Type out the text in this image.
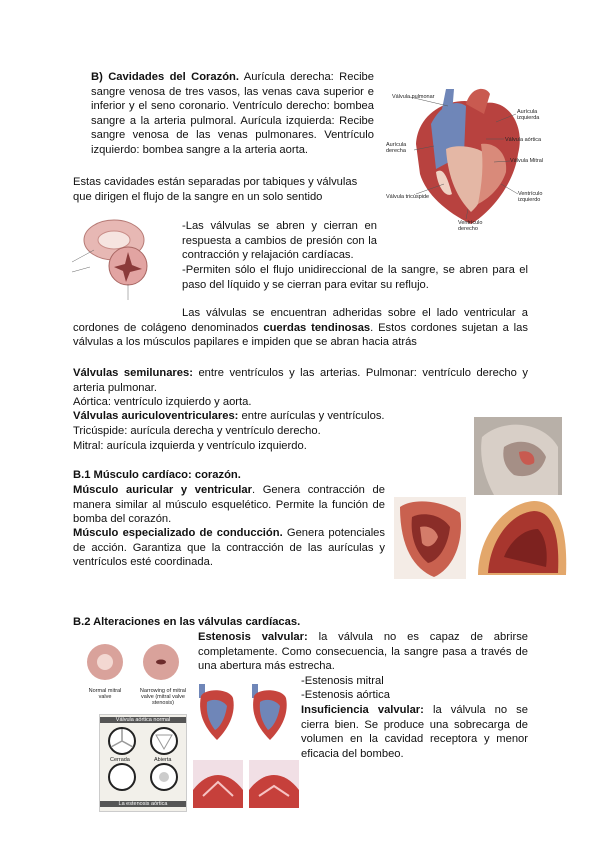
B) Cavidades del Corazón. Aurícula derecha: Recibe sangre venosa de tres vasos, las venas cava superior e inferior y el seno coronario. Ventrículo derecho: bombea sangre a la arteria pulmoral. Aurícula izquierda: Recibe sangre venosa de las venas pulmonares. Ventrículo izquierdo: bombea sangre a la arteria aorta.
Estas cavidades están separadas por tabiques y válvulas que dirigen el flujo de la sangre en un solo sentido
Válvula pulmonar
Aurícula izquierda
Válvula aórtica
Aurícula derecha
Válvula Mitral
Válvula tricúspide	Ventrículo izquierdo
Ventrículo derecho
-Las válvulas se abren y cierran en respuesta a cambios de presión con la contracción y relajación cardíacas.
-Permiten sólo el flujo unidireccional de la sangre, se abren para el paso del líquido y se cierran para evitar su reflujo.
Las válvulas se encuentran adheridas sobre el lado ventricular a cordones de colágeno denominados cuerdas tendinosas. Estos cordones sujetan a las válvulas a los músculos papilares e impiden que se abran hacia atrás
Válvulas semilunares: entre ventrículos y las arterias. Pulmonar: ventrículo derecho y arteria pulmonar.
Aórtica: ventrículo izquierdo y aorta.
Válvulas auriculoventriculares: entre aurículas y ventrículos.
Tricúspide: aurícula derecha y ventrículo derecho.
Mitral: aurícula izquierda y ventrículo izquierdo.
B.1 Músculo cardíaco: corazón.
Músculo auricular y ventricular. Genera contracción de manera similar al músculo esquelético. Permite la función de bomba del corazón.
Músculo especializado de conducción. Genera potenciales de acción. Garantiza que la contracción de las aurículas y ventrículos esté coordinada.
B.2 Alteraciones en las válvulas cardíacas.
Estenosis valvular: la válvula no es capaz de abrirse completamente. Como consecuencia, la sangre pasa a través de una abertura más estrecha.
-Estenosis mitral
-Estenosis aórtica
Insuficiencia valvular: la válvula no se cierra bien. Se produce una sobrecarga de volumen en la cavidad receptora y menor eficacia del bombeo.
Normal mitral valve
Narrowing of mitral valve (mitral valve stenosis)
Válvula aórtica normal
Cerrada	Abierta
La estenosis aórtica
